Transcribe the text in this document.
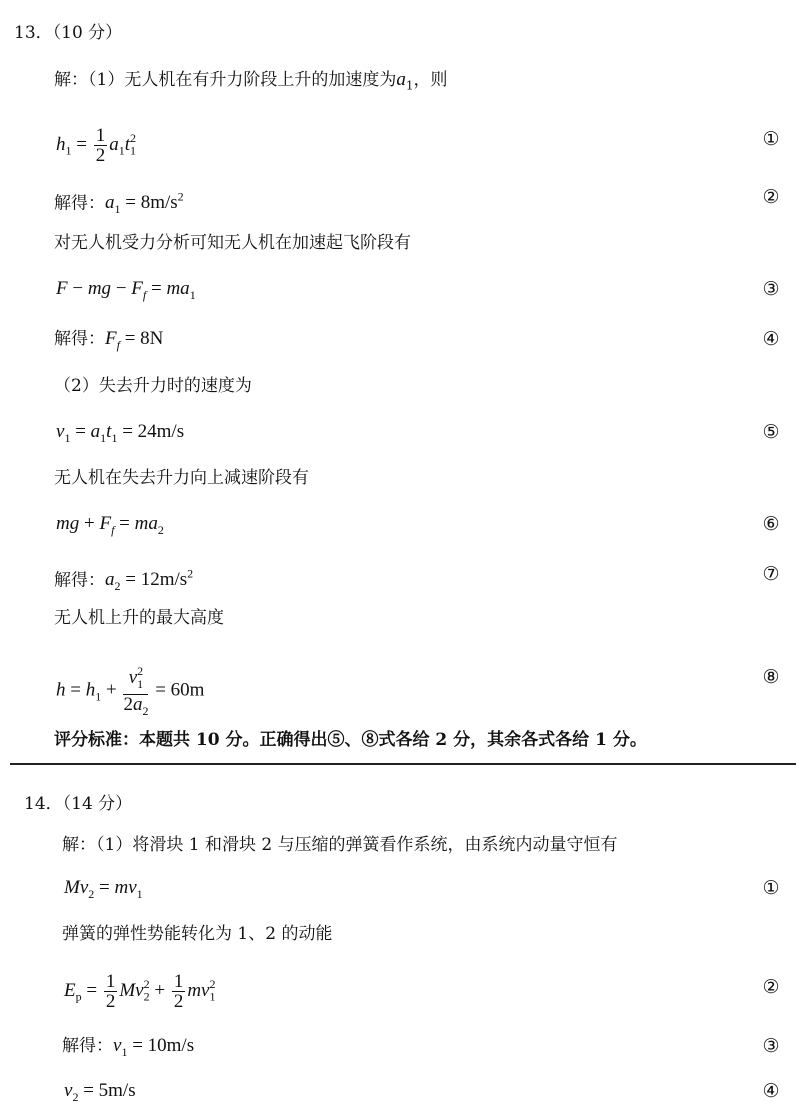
13．（10 分）
解：（1）无人机在有升力阶段上升的加速度为$a_1$，则
$h_1 = \frac{1}{2} a_1t_1^2$	①
解得：$a_1 = 8m/s^2$	②
对无人机受力分析可知无人机在加速起飞阶段有
F − mg − $F_f = ma_1$	③
解得：$F_f = 8N$	④
（2）失去升力时的速度为
$v_1 = a_1t_1 = 24m/s$	⑤
无人机在失去升力向上减速阶段有
mg + $F_f = ma_2$	⑥
解得：$a_2 = 12m/s^2$	⑦
无人机上升的最大高度
$h = h_1 + \frac{v_1^2}{2a_2} = 60m$
⑧
评分标准：本题共 10 分。正确得出⑤、⑧式各给 2 分，其余各式各给 1 分。
14．（14 分）
解：（1）将滑块 1 和滑块 2 与压缩的弹簧看作系统，由系统内动量守恒有
$Mv_2 = mv_1$	①
弹簧的弹性势能转化为 1、2 的动能
$E_p = \frac{1}{2} Mv_2^2 + \frac{1}{2} mv_1^2$	②
解得：$v_1 = 10m/s$	③
$v_2 = 5m/s$	④
